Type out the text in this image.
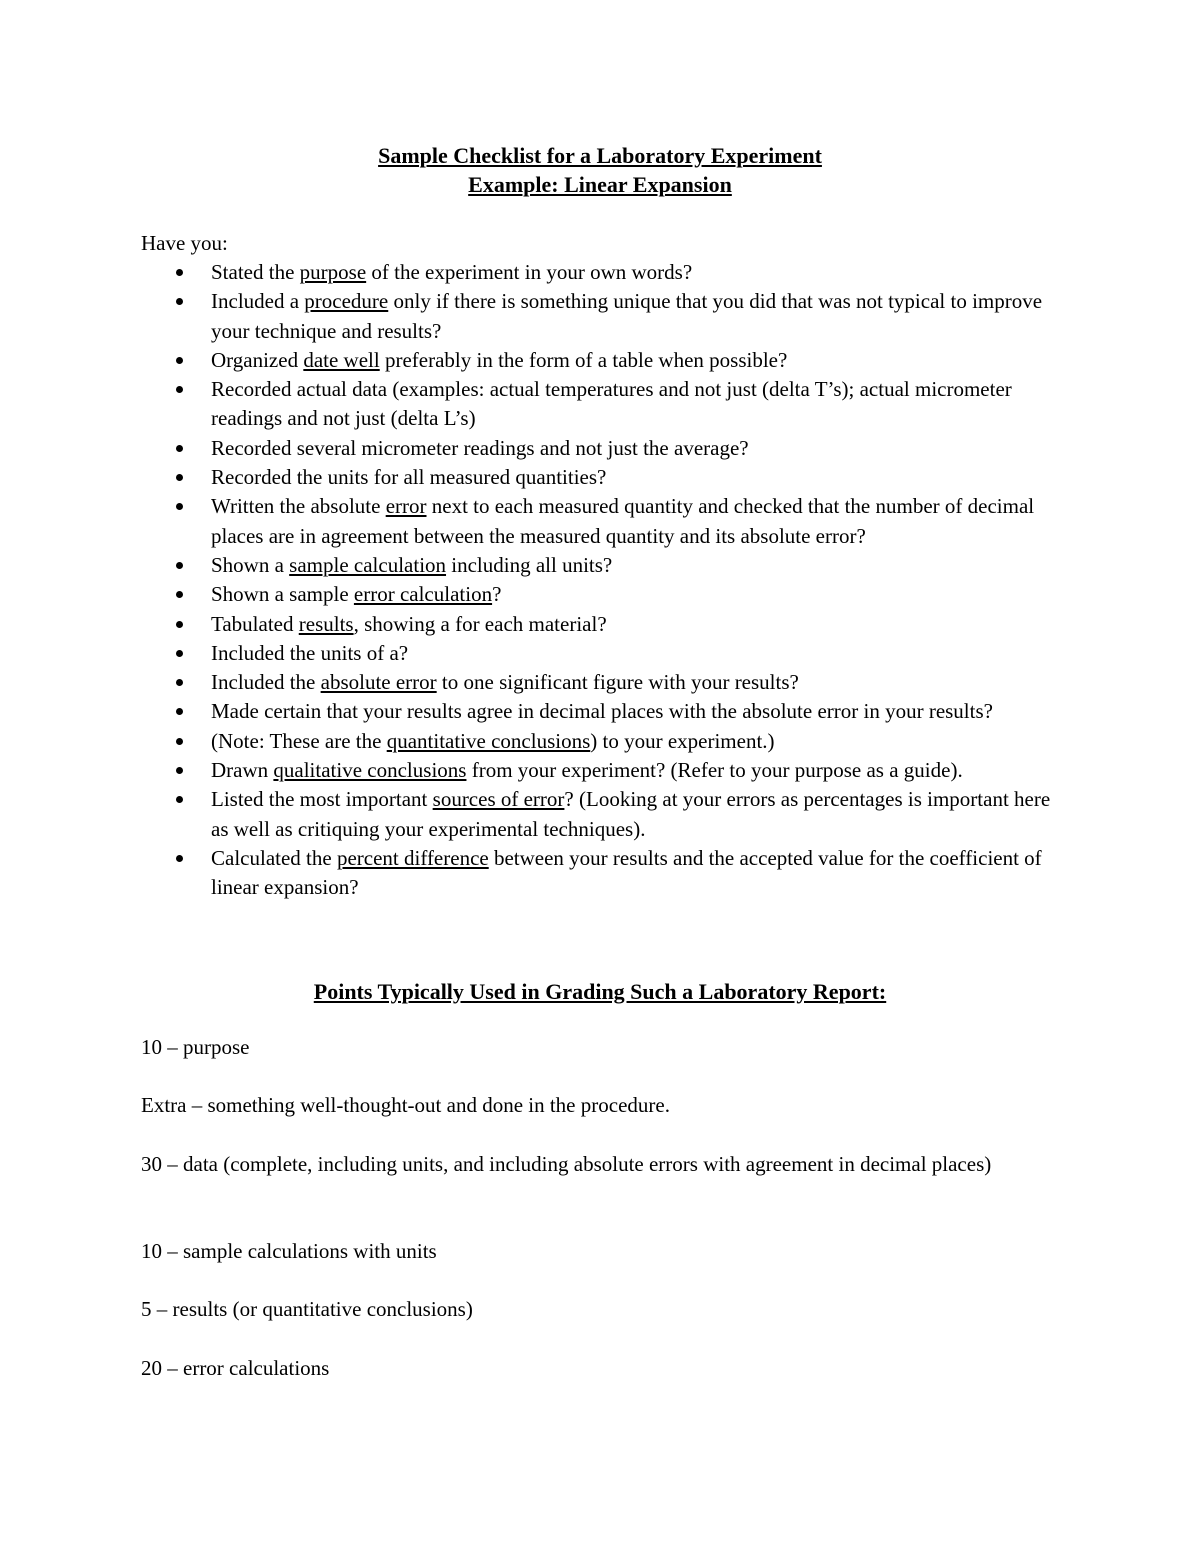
Sample Checklist for a Laboratory Experiment
Example: Linear Expansion

Have you:

Stated the purpose of the experiment in your own words?
Included a procedure only if there is something unique that you did that was not typical to improve your technique and results?
Organized date well preferably in the form of a table when possible?
Recorded actual data (examples: actual temperatures and not just (delta T’s); actual micrometer readings and not just (delta L’s)
Recorded several micrometer readings and not just the average?
Recorded the units for all measured quantities?
Written the absolute error next to each measured quantity and checked that the number of decimal places are in agreement between the measured quantity and its absolute error?
Shown a sample calculation including all units?
Shown a sample error calculation?
Tabulated results, showing a for each material?
Included the units of a?
Included the absolute error to one significant figure with your results?
Made certain that your results agree in decimal places with the absolute error in your results?
(Note: These are the quantitative conclusions) to your experiment.)
Drawn qualitative conclusions from your experiment? (Refer to your purpose as a guide).
Listed the most important sources of error? (Looking at your errors as percentages is important here as well as critiquing your experimental techniques).
Calculated the percent difference between your results and the accepted value for the coefficient of linear expansion?
Points Typically Used in Grading Such a Laboratory Report:

10 – purpose

Extra – something well-thought-out and done in the procedure.

30 – data (complete, including units, and including absolute errors with agreement in decimal places)

10 – sample calculations with units

5 – results (or quantitative conclusions)

20 – error calculations
